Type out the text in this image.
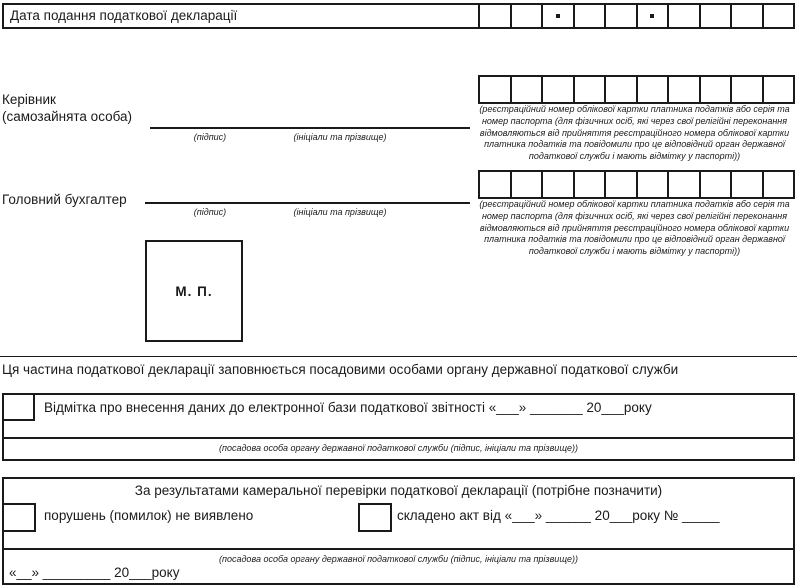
Дата подання податкової декларації
Керівник
(самозайнята особа)
(підпис)	(ініціали та прізвище)
(реєстраційний номер облікової картки платника податків або серія та номер паспорта (для фізичних осіб, які через свої релігійні переконання відмовляються від прийняття реєстраційного номера облікової картки платника податків та повідомили про це відповідний орган державної податкової служби і мають відмітку у паспорті))
Головний бухгалтер
(підпис)	(ініціали та прізвище)
(реєстраційний номер облікової картки платника податків або серія та номер паспорта (для фізичних осіб, які через свої релігійні переконання відмовляються від прийняття реєстраційного номера облікової картки платника податків та повідомили про це відповідний орган державної податкової служби і мають відмітку у паспорті))
М. П.
Ця частина податкової декларації заповнюється посадовими особами органу державної податкової служби
Відмітка про внесення даних до електронної бази податкової звітності «___» _______ 20___року
(посадова особа органу державної податкової служби (підпис, ініціали та прізвище))
За результатами камеральної перевірки податкової декларації (потрібне позначити)
порушень (помилок) не виявлено	складено акт від «___» ______ 20___року № _____
(посадова особа органу державної податкової служби (підпис, ініціали та прізвище))
«__» _________ 20___року
